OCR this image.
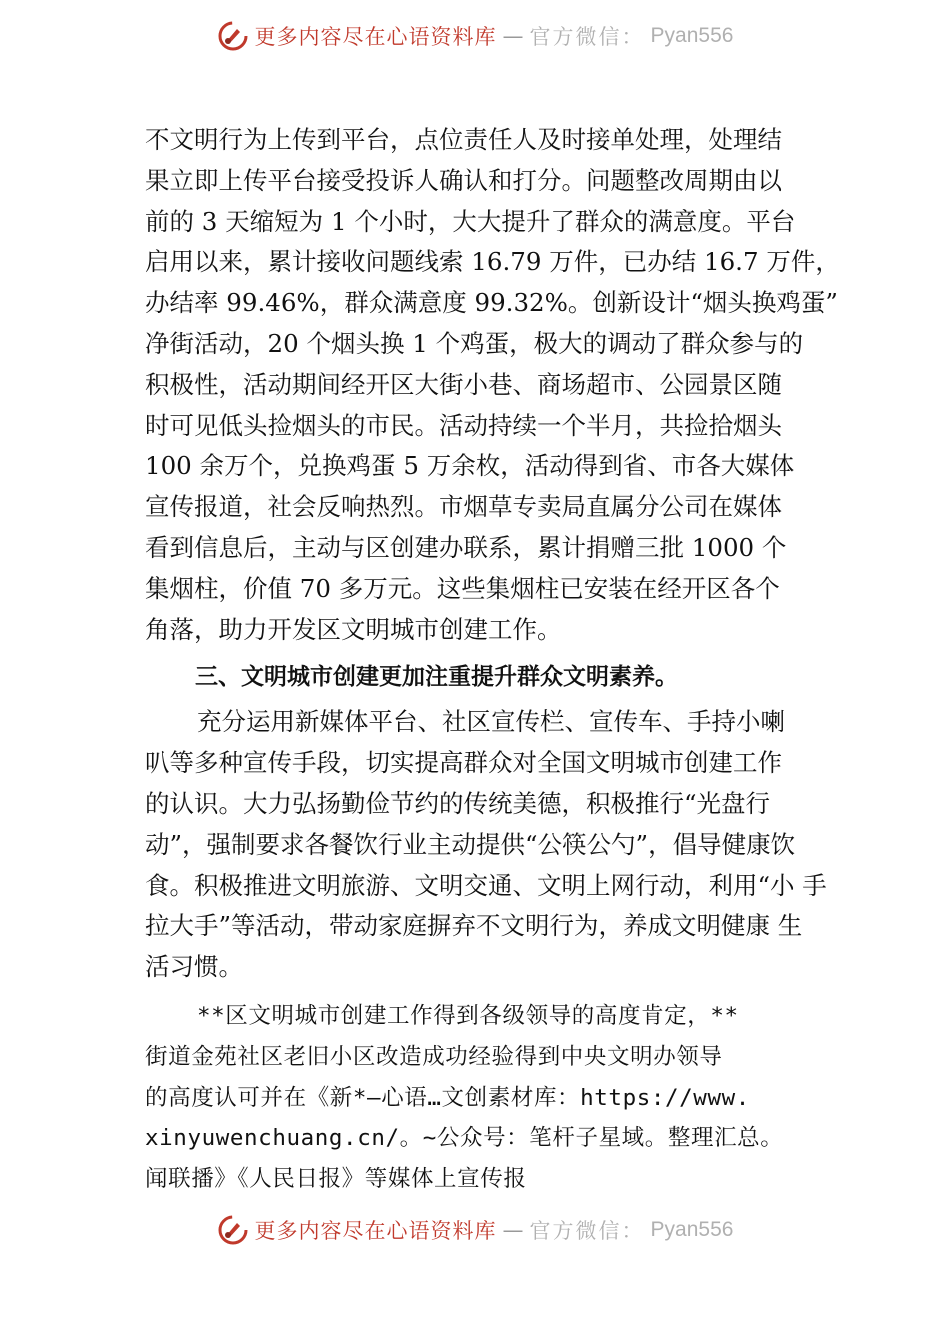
更多内容尽在心语资料库 — 官方微信： Pyan556
不文明行为上传到平台，点位责任人及时接单处理，处理结
果立即上传平台接受投诉人确认和打分。问题整改周期由以
前的 3 天缩短为 1 个小时，大大提升了群众的满意度。平台
启用以来，累计接收问题线索 16.79 万件，已办结 16.7 万件，
办结率 99.46%，群众满意度 99.32%。创新设计“烟头换鸡蛋”
净街活动，20 个烟头换 1 个鸡蛋，极大的调动了群众参与的
积极性，活动期间经开区大街小巷、商场超市、公园景区随
时可见低头捡烟头的市民。活动持续一个半月，共捡拾烟头
100 余万个，兑换鸡蛋 5 万余枚，活动得到省、市各大媒体
宣传报道，社会反响热烈。市烟草专卖局直属分公司在媒体
看到信息后，主动与区创建办联系，累计捐赠三批 1000 个
集烟柱，价值 70 多万元。这些集烟柱已安装在经开区各个
角落，助力开发区文明城市创建工作。
三、文明城市创建更加注重提升群众文明素养。
充分运用新媒体平台、社区宣传栏、宣传车、手持小喇
叭等多种宣传手段，切实提高群众对全国文明城市创建工作
的认识。大力弘扬勤俭节约的传统美德，积极推行“光盘行
动”，强制要求各餐饮行业主动提供“公筷公勺”，倡导健康饮
食。积极推进文明旅游、文明交通、文明上网行动，利用“小 手
拉大手”等活动，带动家庭摒弃不文明行为，养成文明健康 生
活习惯。
**区文明城市创建工作得到各级领导的高度肯定，**
街道金苑社区老旧小区改造成功经验得到中央文明办领导
的高度认可并在《新*—心语…文创素材库：https://www.
xinyuwenchuang.cn/。~公众号：笔杆子星域。整理汇总。
闻联播》《人民日报》等媒体上宣传报
更多内容尽在心语资料库 — 官方微信： Pyan556
